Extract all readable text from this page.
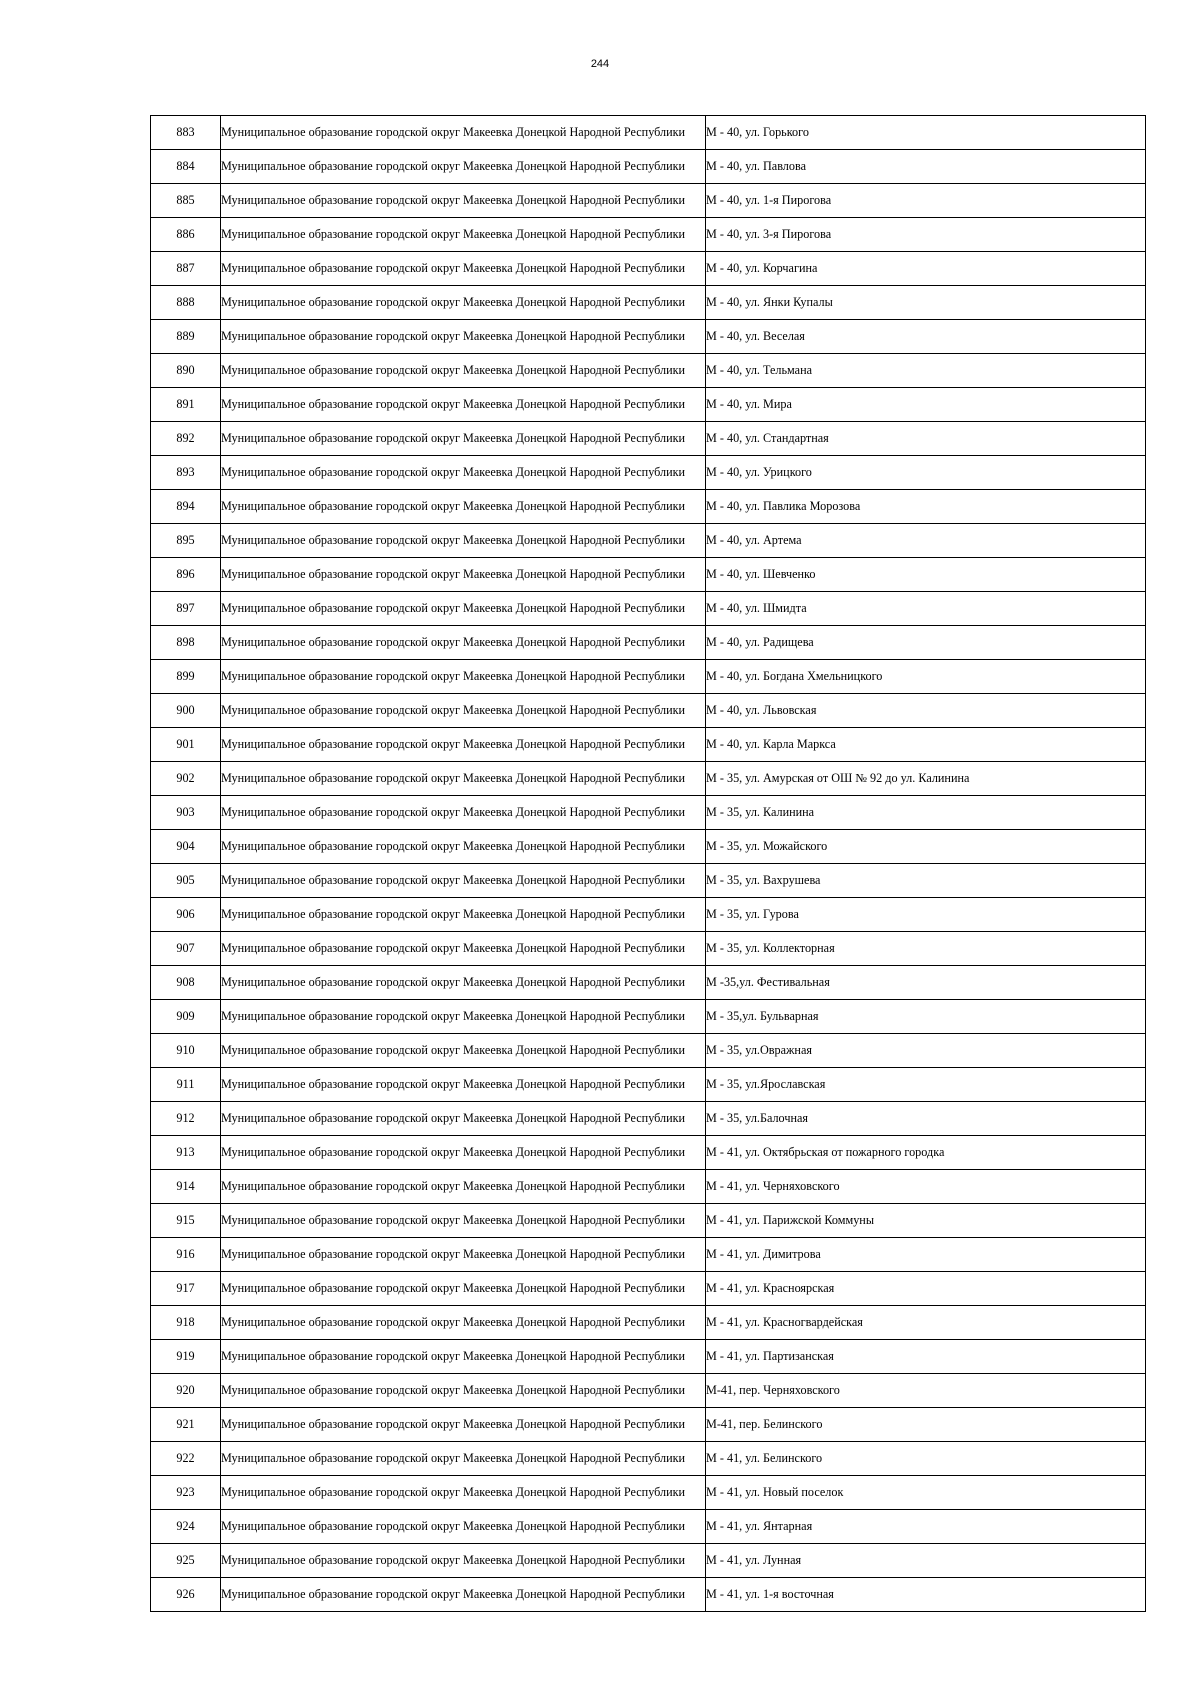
244
883	Муниципальное образование городской округ Макеевка Донецкой Народной Республики	М - 40, ул. Горького
884	Муниципальное образование городской округ Макеевка Донецкой Народной Республики	М - 40, ул. Павлова
885	Муниципальное образование городской округ Макеевка Донецкой Народной Республики	М - 40, ул. 1-я Пирогова
886	Муниципальное образование городской округ Макеевка Донецкой Народной Республики	М - 40, ул. 3-я Пирогова
887	Муниципальное образование городской округ Макеевка Донецкой Народной Республики	М - 40, ул. Корчагина
888	Муниципальное образование городской округ Макеевка Донецкой Народной Республики	М - 40, ул. Янки Купалы
889	Муниципальное образование городской округ Макеевка Донецкой Народной Республики	М - 40, ул. Веселая
890	Муниципальное образование городской округ Макеевка Донецкой Народной Республики	М - 40, ул. Тельмана
891	Муниципальное образование городской округ Макеевка Донецкой Народной Республики	М - 40, ул. Мира
892	Муниципальное образование городской округ Макеевка Донецкой Народной Республики	М - 40, ул. Стандартная
893	Муниципальное образование городской округ Макеевка Донецкой Народной Республики	М - 40, ул. Урицкого
894	Муниципальное образование городской округ Макеевка Донецкой Народной Республики	М - 40, ул. Павлика Морозова
895	Муниципальное образование городской округ Макеевка Донецкой Народной Республики	М - 40, ул. Артема
896	Муниципальное образование городской округ Макеевка Донецкой Народной Республики	М - 40, ул. Шевченко
897	Муниципальное образование городской округ Макеевка Донецкой Народной Республики	М - 40, ул. Шмидта
898	Муниципальное образование городской округ Макеевка Донецкой Народной Республики	М - 40, ул. Радищева
899	Муниципальное образование городской округ Макеевка Донецкой Народной Республики	М - 40, ул. Богдана Хмельницкого
900	Муниципальное образование городской округ Макеевка Донецкой Народной Республики	М - 40, ул. Львовская
901	Муниципальное образование городской округ Макеевка Донецкой Народной Республики	М - 40, ул. Карла Маркса
902	Муниципальное образование городской округ Макеевка Донецкой Народной Республики	М - 35, ул. Амурская от ОШ № 92 до ул. Калинина
903	Муниципальное образование городской округ Макеевка Донецкой Народной Республики	М - 35, ул. Калинина
904	Муниципальное образование городской округ Макеевка Донецкой Народной Республики	М - 35, ул. Можайского
905	Муниципальное образование городской округ Макеевка Донецкой Народной Республики	М - 35, ул. Вахрушева
906	Муниципальное образование городской округ Макеевка Донецкой Народной Республики	М - 35, ул. Гурова
907	Муниципальное образование городской округ Макеевка Донецкой Народной Республики	М - 35, ул. Коллекторная
908	Муниципальное образование городской округ Макеевка Донецкой Народной Республики	М -35,ул. Фестивальная
909	Муниципальное образование городской округ Макеевка Донецкой Народной Республики	М - 35,ул. Бульварная
910	Муниципальное образование городской округ Макеевка Донецкой Народной Республики	М - 35, ул.Овражная
911	Муниципальное образование городской округ Макеевка Донецкой Народной Республики	М - 35, ул.Ярославская
912	Муниципальное образование городской округ Макеевка Донецкой Народной Республики	М - 35, ул.Балочная
913	Муниципальное образование городской округ Макеевка Донецкой Народной Республики	М - 41, ул. Октябрьская от пожарного городка
914	Муниципальное образование городской округ Макеевка Донецкой Народной Республики	М - 41, ул. Черняховского
915	Муниципальное образование городской округ Макеевка Донецкой Народной Республики	М - 41, ул. Парижской Коммуны
916	Муниципальное образование городской округ Макеевка Донецкой Народной Республики	М - 41, ул. Димитрова
917	Муниципальное образование городской округ Макеевка Донецкой Народной Республики	М - 41, ул. Красноярская
918	Муниципальное образование городской округ Макеевка Донецкой Народной Республики	М - 41, ул. Красногвардейская
919	Муниципальное образование городской округ Макеевка Донецкой Народной Республики	М - 41, ул. Партизанская
920	Муниципальное образование городской округ Макеевка Донецкой Народной Республики	М-41, пер. Черняховского
921	Муниципальное образование городской округ Макеевка Донецкой Народной Республики	М-41, пер. Белинского
922	Муниципальное образование городской округ Макеевка Донецкой Народной Республики	М - 41, ул. Белинского
923	Муниципальное образование городской округ Макеевка Донецкой Народной Республики	М - 41, ул. Новый поселок
924	Муниципальное образование городской округ Макеевка Донецкой Народной Республики	М - 41, ул. Янтарная
925	Муниципальное образование городской округ Макеевка Донецкой Народной Республики	М - 41, ул. Лунная
926	Муниципальное образование городской округ Макеевка Донецкой Народной Республики	М - 41, ул. 1-я восточная
